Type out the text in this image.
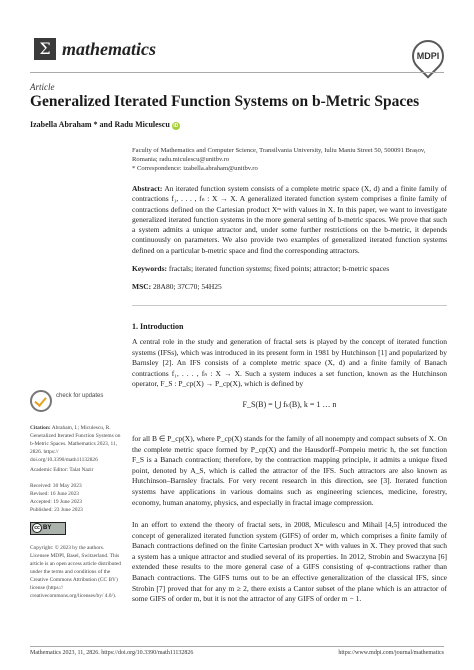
Σ mathematics	MDPI
Article
Generalized Iterated Function Systems on b-Metric Spaces
Izabella Abraham * and Radu Miculescu iD
Faculty of Mathematics and Computer Science, Transilvania University, Iuliu Maniu Street 50, 500091 Brașov, Romania; radu.miculescu@unitbv.ro
* Correspondence: izabella.abraham@unitbv.ro
Abstract: An iterated function system consists of a complete metric space (X, d) and a finite family of contractions f₁, . . . , fₙ : X → X. A generalized iterated function system comprises a finite family of contractions defined on the Cartesian product Xᵐ with values in X. In this paper, we want to investigate generalized iterated function systems in the more general setting of b-metric spaces. We prove that such a system admits a unique attractor and, under some further restrictions on the b-metric, it depends continuously on parameters. We also provide two examples of generalized iterated function systems defined on a particular b-metric space and find the corresponding attractors.
Keywords: fractals; iterated function systems; fixed points; attractor; b-metric spaces
MSC: 28A80; 37C70; 54H25
1. Introduction
A central role in the study and generation of fractal sets is played by the concept of iterated function systems (IFSs), which was introduced in its present form in 1981 by Hutchinson [1] and popularized by Barnsley [2]. An IFS consists of a complete metric space (X, d) and a finite family of Banach contractions f₁, . . . , fₙ : X → X. Such a system induces a set function, known as the Hutchinson operator, F_S : P_cp(X) → P_cp(X), which is defined by
F_S(B) = ⋃ fₖ(B), k = 1 … n
for all B ∈ P_cp(X), where P_cp(X) stands for the family of all nonempty and compact subsets of X. On the complete metric space formed by P_cp(X) and the Hausdorff–Pompeiu metric h, the set function F_S is a Banach contraction; therefore, by the contraction mapping principle, it admits a unique fixed point, denoted by A_S, which is called the attractor of the IFS. Such attractors are also known as Hutchinson–Barnsley fractals. For very recent research in this direction, see [3]. Iterated function systems have applications in various domains such as engineering sciences, medicine, forestry, economy, human anatomy, physics, and especially in fractal image compression.
In an effort to extend the theory of fractal sets, in 2008, Miculescu and Mihail [4,5] introduced the concept of generalized iterated function system (GIFS) of order m, which comprises a finite family of Banach contractions defined on the finite Cartesian product Xᵐ with values in X. They proved that such a system has a unique attractor and studied several of its properties. In 2012, Strobin and Swaczyna [6] extended these results to the more general case of a GIFS consisting of φ-contractions rather than Banach contractions. The GIFS turns out to be an effective generalization of the classical IFS, since Strobin [7] proved that for any m ≥ 2, there exists a Cantor subset of the plane which is an attractor of some GIFS of order m, but it is not the attractor of any GIFS of order m − 1.
check for updates
Citation: Abraham, I.; Miculescu, R. Generalized Iterated Function Systems on b-Metric Spaces. Mathematics 2023, 11, 2826. https:// doi.org/10.3390/math11132826
Academic Editor: Talat Nazir
Received: 30 May 2023
Revised: 16 June 2023
Accepted: 19 June 2023
Published: 23 June 2023
cc BY
Copyright: © 2023 by the authors. Licensee MDPI, Basel, Switzerland. This article is an open access article distributed under the terms and conditions of the Creative Commons Attribution (CC BY) license (https:// creativecommons.org/licenses/by/ 4.0/).
Mathematics 2023, 11, 2826. https://doi.org/10.3390/math11132826	https://www.mdpi.com/journal/mathematics
